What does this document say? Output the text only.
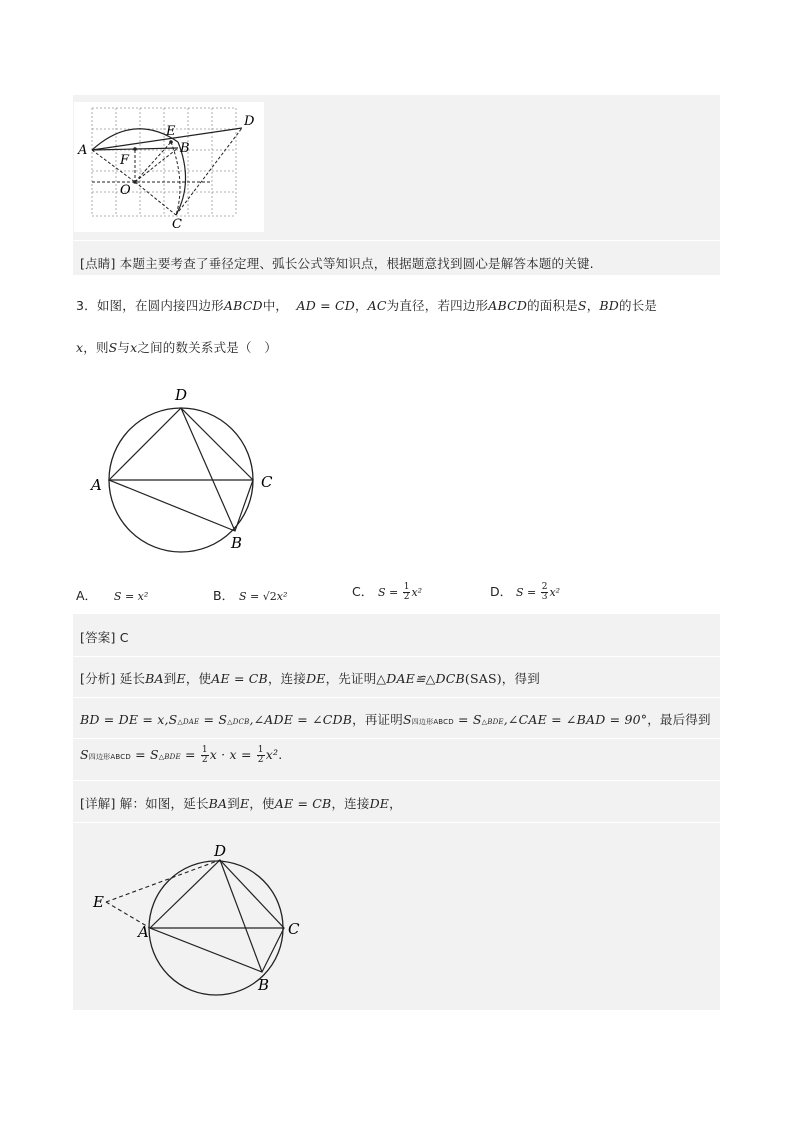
A
E
D
F
B
O
C
[点睛] 本题主要考查了垂径定理、弧长公式等知识点，根据题意找到圆心是解答本题的关键.
3．如图，在圆内接四边形ABCD中， AD = CD，AC为直径，若四边形ABCD的面积是S，BD的长是
x，则S与x之间的数关系式是（　）
D
A	C
B
A． S = x²	B． S = √2x²	C． $S = \frac{1}{2} x^2$	D． $S = \frac{2}{3} x^2$
[答案] C
[分析] 延长BA到E，使AE = CB，连接DE，先证明△DAE≌△DCB(SAS)，得到
BD = DE = x,S△DAE = S△DCB,∠ADE = ∠CDB，再证明S四边形ABCD = S△BDE,∠CAE = ∠BAD = 90°，最后得到
S四边形ABCD = S△BDE = $\frac{1}{2}$ $x \cdot x = \frac{1}{2} x^2$.
[详解] 解：如图，延长BA到E，使AE = CB，连接DE，
D
E
A	C
B
